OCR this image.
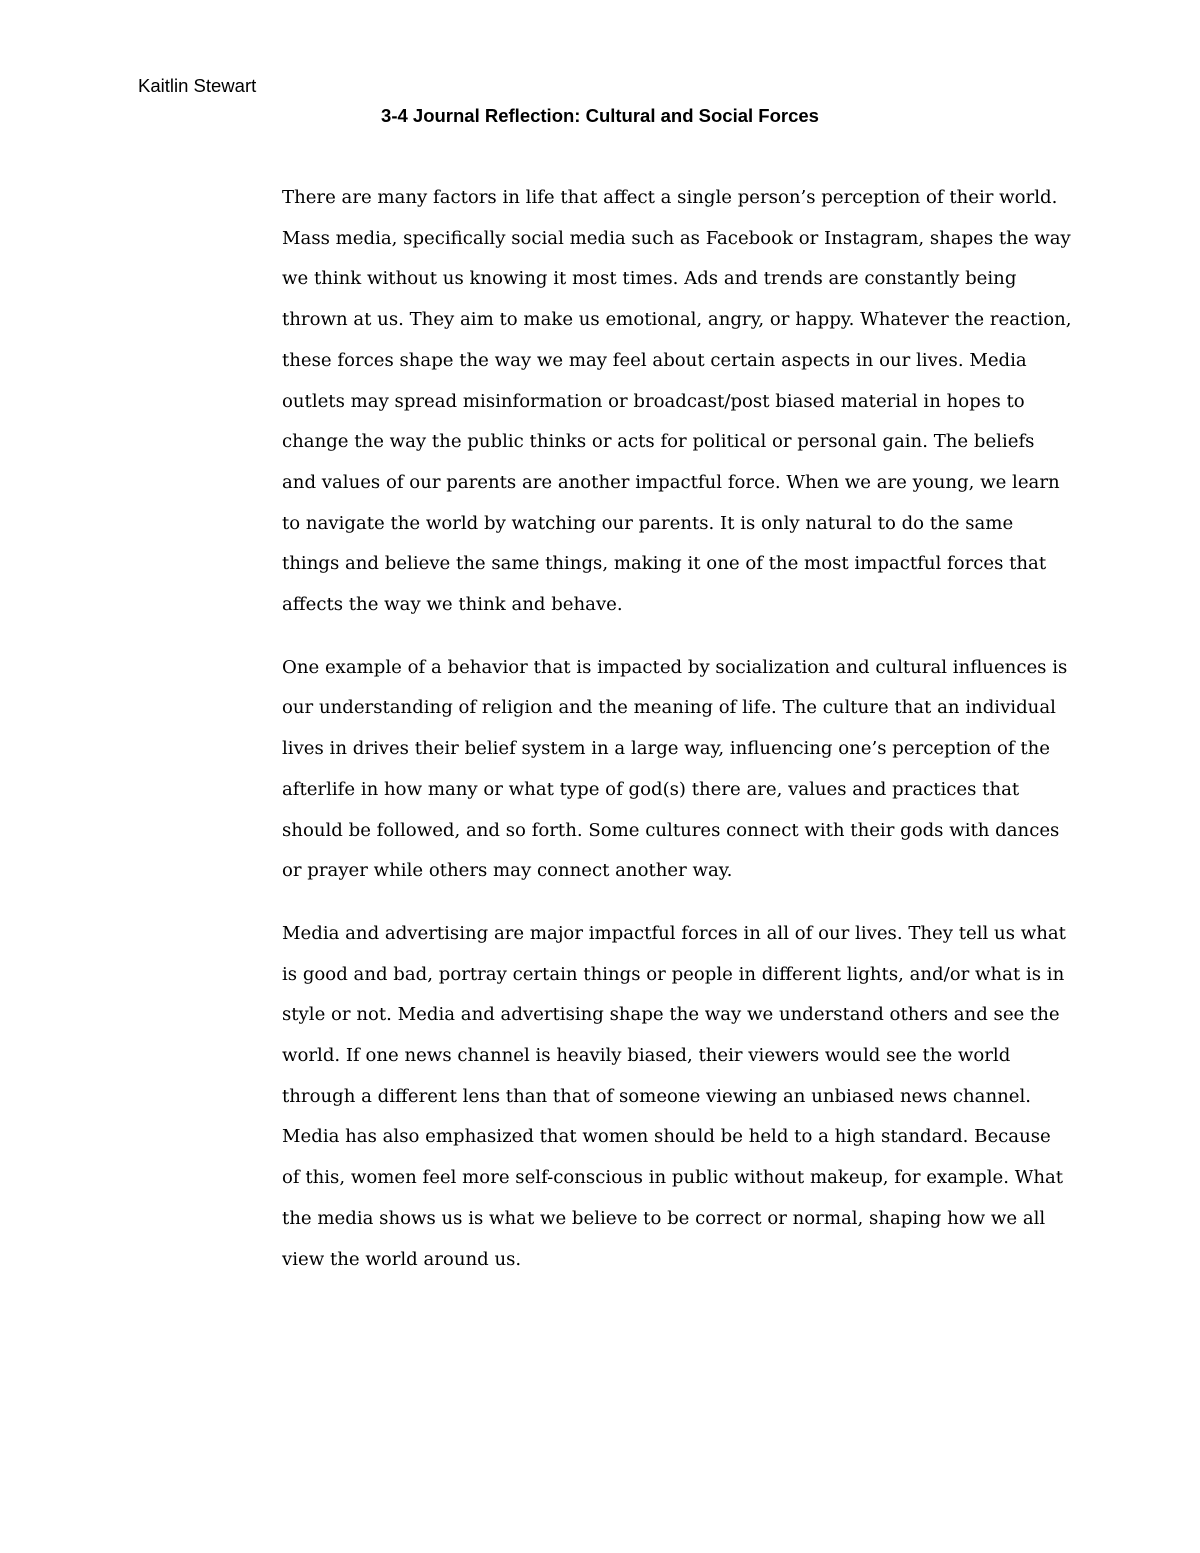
Kaitlin Stewart

3-4 Journal Reflection: Cultural and Social Forces

There are many factors in life that affect a single person’s perception of their world. Mass media, specifically social media such as Facebook or Instagram, shapes the way we think without us knowing it most times. Ads and trends are constantly being thrown at us. They aim to make us emotional, angry, or happy. Whatever the reaction, these forces shape the way we may feel about certain aspects in our lives. Media outlets may spread misinformation or broadcast/post biased material in hopes to change the way the public thinks or acts for political or personal gain. The beliefs and values of our parents are another impactful force. When we are young, we learn to navigate the world by watching our parents. It is only natural to do the same things and believe the same things, making it one of the most impactful forces that affects the way we think and behave.

One example of a behavior that is impacted by socialization and cultural influences is our understanding of religion and the meaning of life. The culture that an individual lives in drives their belief system in a large way, influencing one’s perception of the afterlife in how many or what type of god(s) there are, values and practices that should be followed, and so forth. Some cultures connect with their gods with dances or prayer while others may connect another way.

Media and advertising are major impactful forces in all of our lives. They tell us what is good and bad, portray certain things or people in different lights, and/or what is in style or not. Media and advertising shape the way we understand others and see the world. If one news channel is heavily biased, their viewers would see the world through a different lens than that of someone viewing an unbiased news channel. Media has also emphasized that women should be held to a high standard. Because of this, women feel more self-conscious in public without makeup, for example. What the media shows us is what we believe to be correct or normal, shaping how we all view the world around us.
